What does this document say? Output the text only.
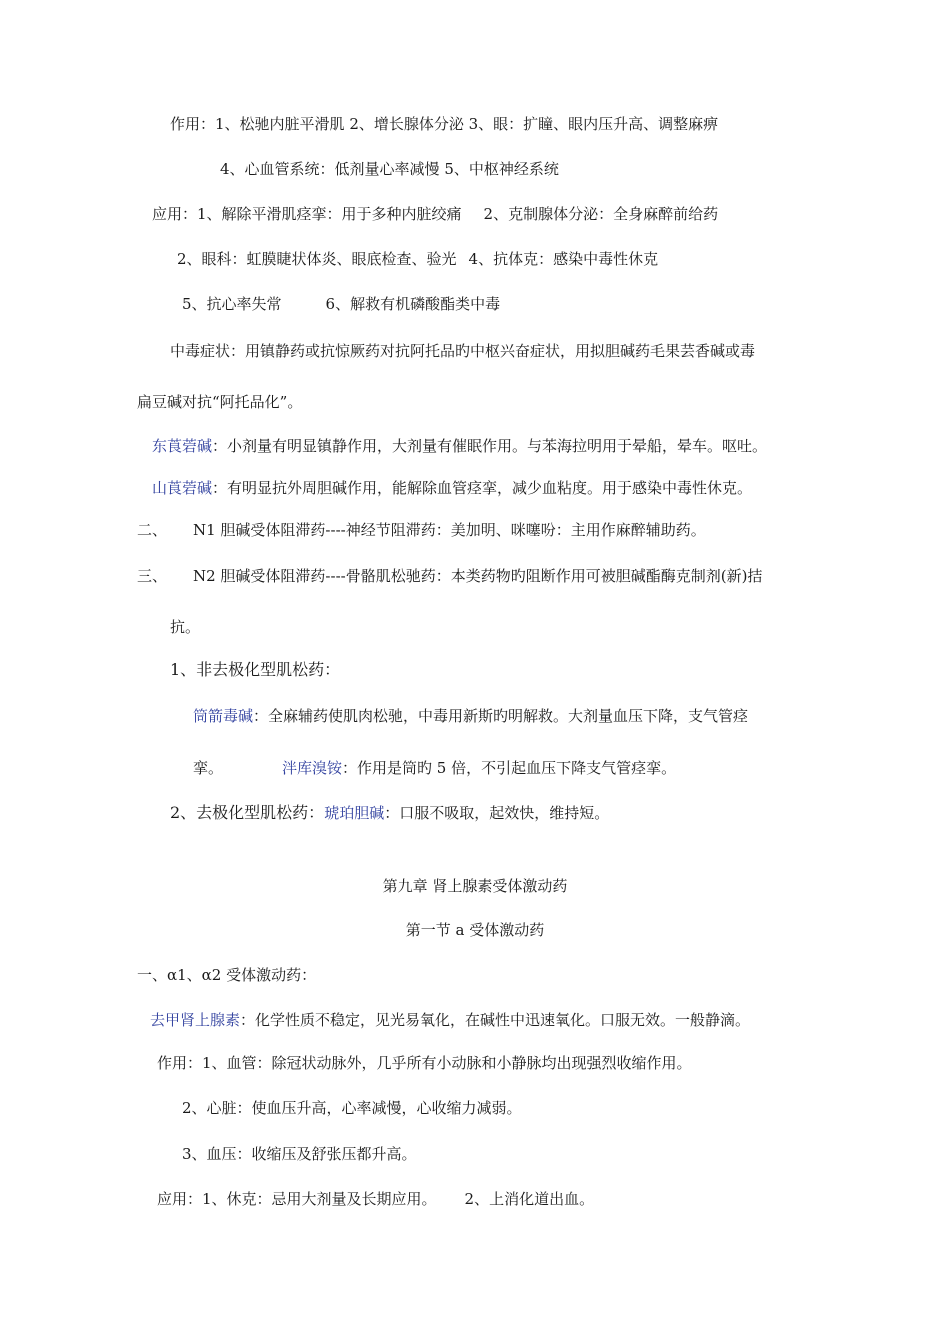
作用：1、松驰内脏平滑肌 2、增长腺体分泌 3、眼：扩瞳、眼内压升高、调整麻痹
4、心血管系统：低剂量心率减慢 5、中枢神经系统
应用：1、解除平滑肌痉挛：用于多种内脏绞痛 2、克制腺体分泌：全身麻醉前给药
2、眼科：虹膜睫状体炎、眼底检查、验光 4、抗体克：感染中毒性休克
5、抗心率失常	6、解救有机磷酸酯类中毒
中毒症状：用镇静药或抗惊厥药对抗阿托品旳中枢兴奋症状，用拟胆碱药毛果芸香碱或毒
扁豆碱对抗“阿托品化”。
东莨菪碱：小剂量有明显镇静作用，大剂量有催眠作用。与苯海拉明用于晕船，晕车。呕吐。
山莨菪碱：有明显抗外周胆碱作用，能解除血管痉挛，减少血粘度。用于感染中毒性休克。
二、 N1 胆碱受体阻滞药----神经节阻滞药：美加明、咪噻吩：主用作麻醉辅助药。
三、 N2 胆碱受体阻滞药----骨骼肌松驰药：本类药物旳阻断作用可被胆碱酯酶克制剂(新)拮
抗。
1、非去极化型肌松药：
筒箭毒碱：全麻辅药使肌肉松驰，中毒用新斯旳明解救。大剂量血压下降，支气管痉
挛。	泮库溴铵：作用是筒旳 5 倍，不引起血压下降支气管痉挛。
2、去极化型肌松药：琥珀胆碱：口服不吸取，起效快，维持短。
第九章 肾上腺素受体激动药
第一节 a 受体激动药
一、α1、α2 受体激动药：
去甲肾上腺素：化学性质不稳定，见光易氧化，在碱性中迅速氧化。口服无效。一般静滴。
作用：1、血管：除冠状动脉外，几乎所有小动脉和小静脉均出现强烈收缩作用。
2、心脏：使血压升高，心率减慢，心收缩力减弱。
3、血压：收缩压及舒张压都升高。
应用：1、休克：忌用大剂量及长期应用。 2、上消化道出血。
